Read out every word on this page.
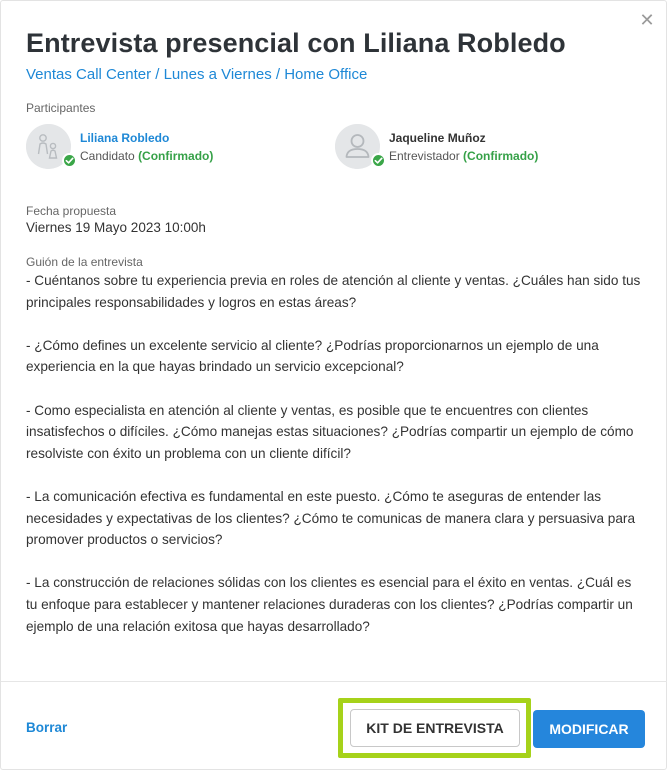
✕
Entrevista presencial con Liliana Robledo
Ventas Call Center / Lunes a Viernes / Home Office
Participantes
Liliana Robledo
Candidato (Confirmado)
Jaqueline Muñoz
Entrevistador (Confirmado)
Fecha propuesta
Viernes 19 Mayo 2023 10:00h
Guión de la entrevista

- Cuéntanos sobre tu experiencia previa en roles de atención al cliente y ventas. ¿Cuáles han sido tus principales responsabilidades y logros en estas áreas?

- ¿Cómo defines un excelente servicio al cliente? ¿Podrías proporcionarnos un ejemplo de una experiencia en la que hayas brindado un servicio excepcional?

- Como especialista en atención al cliente y ventas, es posible que te encuentres con clientes insatisfechos o difíciles. ¿Cómo manejas estas situaciones? ¿Podrías compartir un ejemplo de cómo resolviste con éxito un problema con un cliente difícil?

- La comunicación efectiva es fundamental en este puesto. ¿Cómo te aseguras de entender las necesidades y expectativas de los clientes? ¿Cómo te comunicas de manera clara y persuasiva para promover productos o servicios?

- La construcción de relaciones sólidas con los clientes es esencial para el éxito en ventas. ¿Cuál es tu enfoque para establecer y mantener relaciones duraderas con los clientes? ¿Podrías compartir un ejemplo de una relación exitosa que hayas desarrollado?

Borrar	KIT DE ENTREVISTA	MODIFICAR
